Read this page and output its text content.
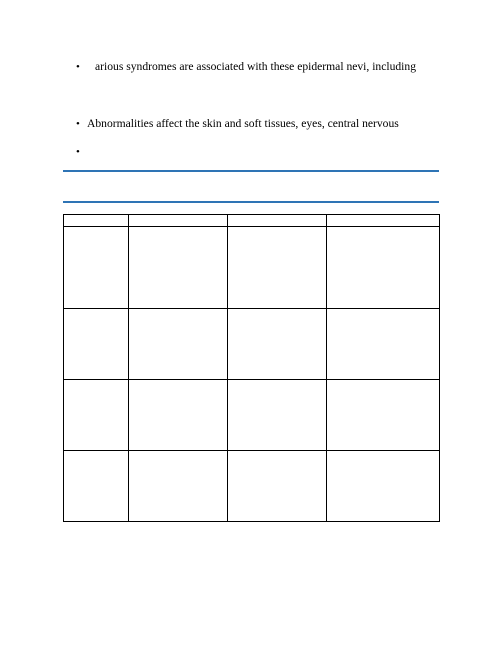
•	arious syndromes are associated with these epidermal nevi, including
• Abnormalities affect the skin and soft tissues, eyes, central nervous
•
